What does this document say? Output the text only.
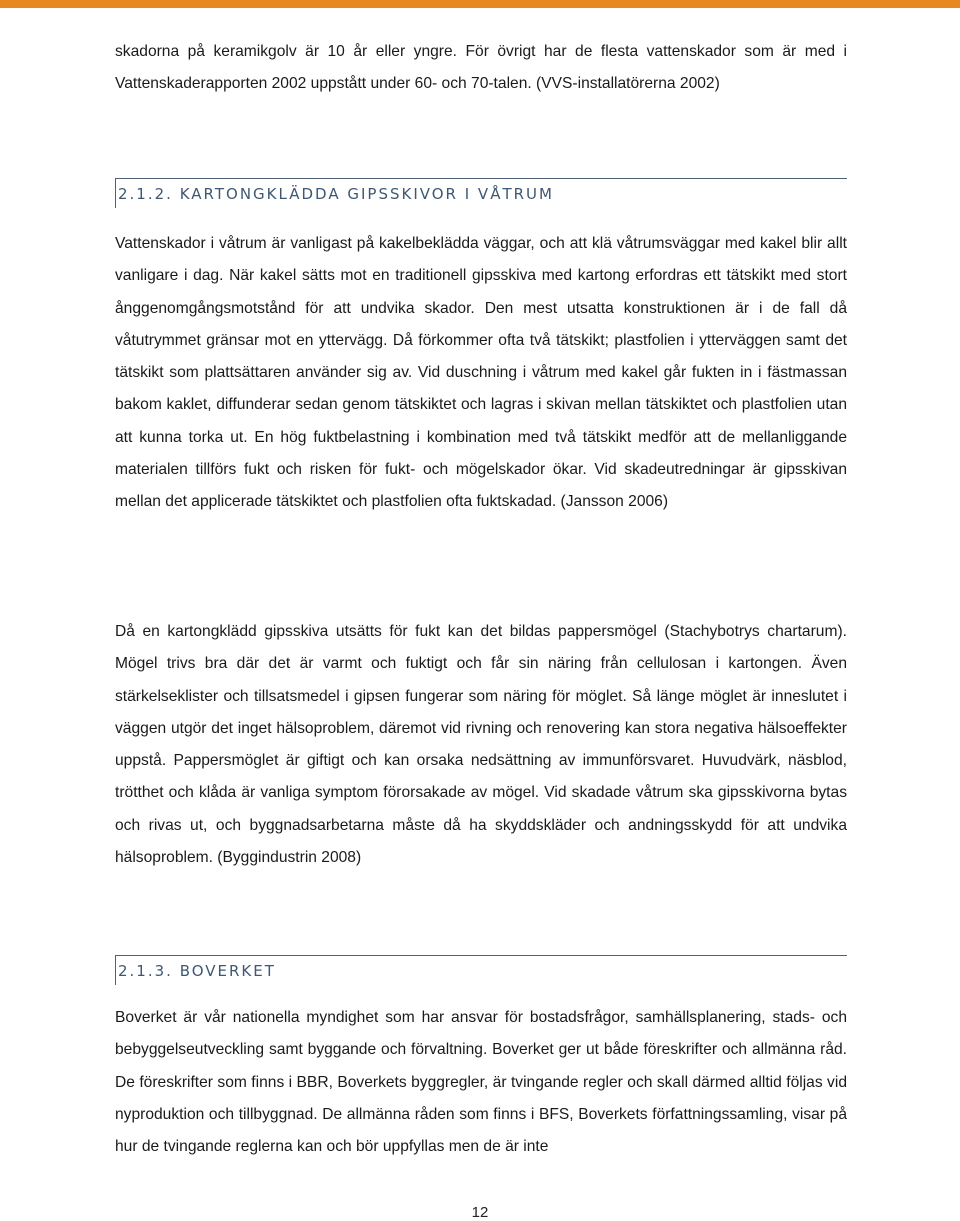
skadorna på keramikgolv är 10 år eller yngre. För övrigt har de flesta vattenskador som är med i Vattenskaderapporten 2002 uppstått under 60- och 70-talen. (VVS-installatörerna 2002)

2.1.2. KARTONGKLÄDDA GIPSSKIVOR I VÅTRUM

Vattenskador i våtrum är vanligast på kakelbeklädda väggar, och att klä våtrumsväggar med kakel blir allt vanligare i dag. När kakel sätts mot en traditionell gipsskiva med kartong erfordras ett tätskikt med stort ånggenomgångsmotstånd för att undvika skador. Den mest utsatta konstruktionen är i de fall då våtutrymmet gränsar mot en yttervägg. Då förkommer ofta två tätskikt; plastfolien i ytterväggen samt det tätskikt som plattsättaren använder sig av. Vid duschning i våtrum med kakel går fukten in i fästmassan bakom kaklet, diffunderar sedan genom tätskiktet och lagras i skivan mellan tätskiktet och plastfolien utan att kunna torka ut. En hög fuktbelastning i kombination med två tätskikt medför att de mellanliggande materialen tillförs fukt och risken för fukt- och mögelskador ökar. Vid skadeutredningar är gipsskivan mellan det applicerade tätskiktet och plastfolien ofta fuktskadad. (Jansson 2006)

Då en kartongklädd gipsskiva utsätts för fukt kan det bildas pappersmögel (Stachybotrys chartarum). Mögel trivs bra där det är varmt och fuktigt och får sin näring från cellulosan i kartongen. Även stärkelseklister och tillsatsmedel i gipsen fungerar som näring för möglet. Så länge möglet är inneslutet i väggen utgör det inget hälsoproblem, däremot vid rivning och renovering kan stora negativa hälsoeffekter uppstå. Pappersmöglet är giftigt och kan orsaka nedsättning av immunförsvaret. Huvudvärk, näsblod, trötthet och klåda är vanliga symptom förorsakade av mögel. Vid skadade våtrum ska gipsskivorna bytas och rivas ut, och byggnadsarbetarna måste då ha skyddskläder och andningsskydd för att undvika hälsoproblem. (Byggindustrin 2008)

2.1.3. BOVERKET

Boverket är vår nationella myndighet som har ansvar för bostadsfrågor, samhällsplanering, stads- och bebyggelseutveckling samt byggande och förvaltning. Boverket ger ut både föreskrifter och allmänna råd. De föreskrifter som finns i BBR, Boverkets byggregler, är tvingande regler och skall därmed alltid följas vid nyproduktion och tillbyggnad. De allmänna råden som finns i BFS, Boverkets författningssamling, visar på hur de tvingande reglerna kan och bör uppfyllas men de är inte

12
